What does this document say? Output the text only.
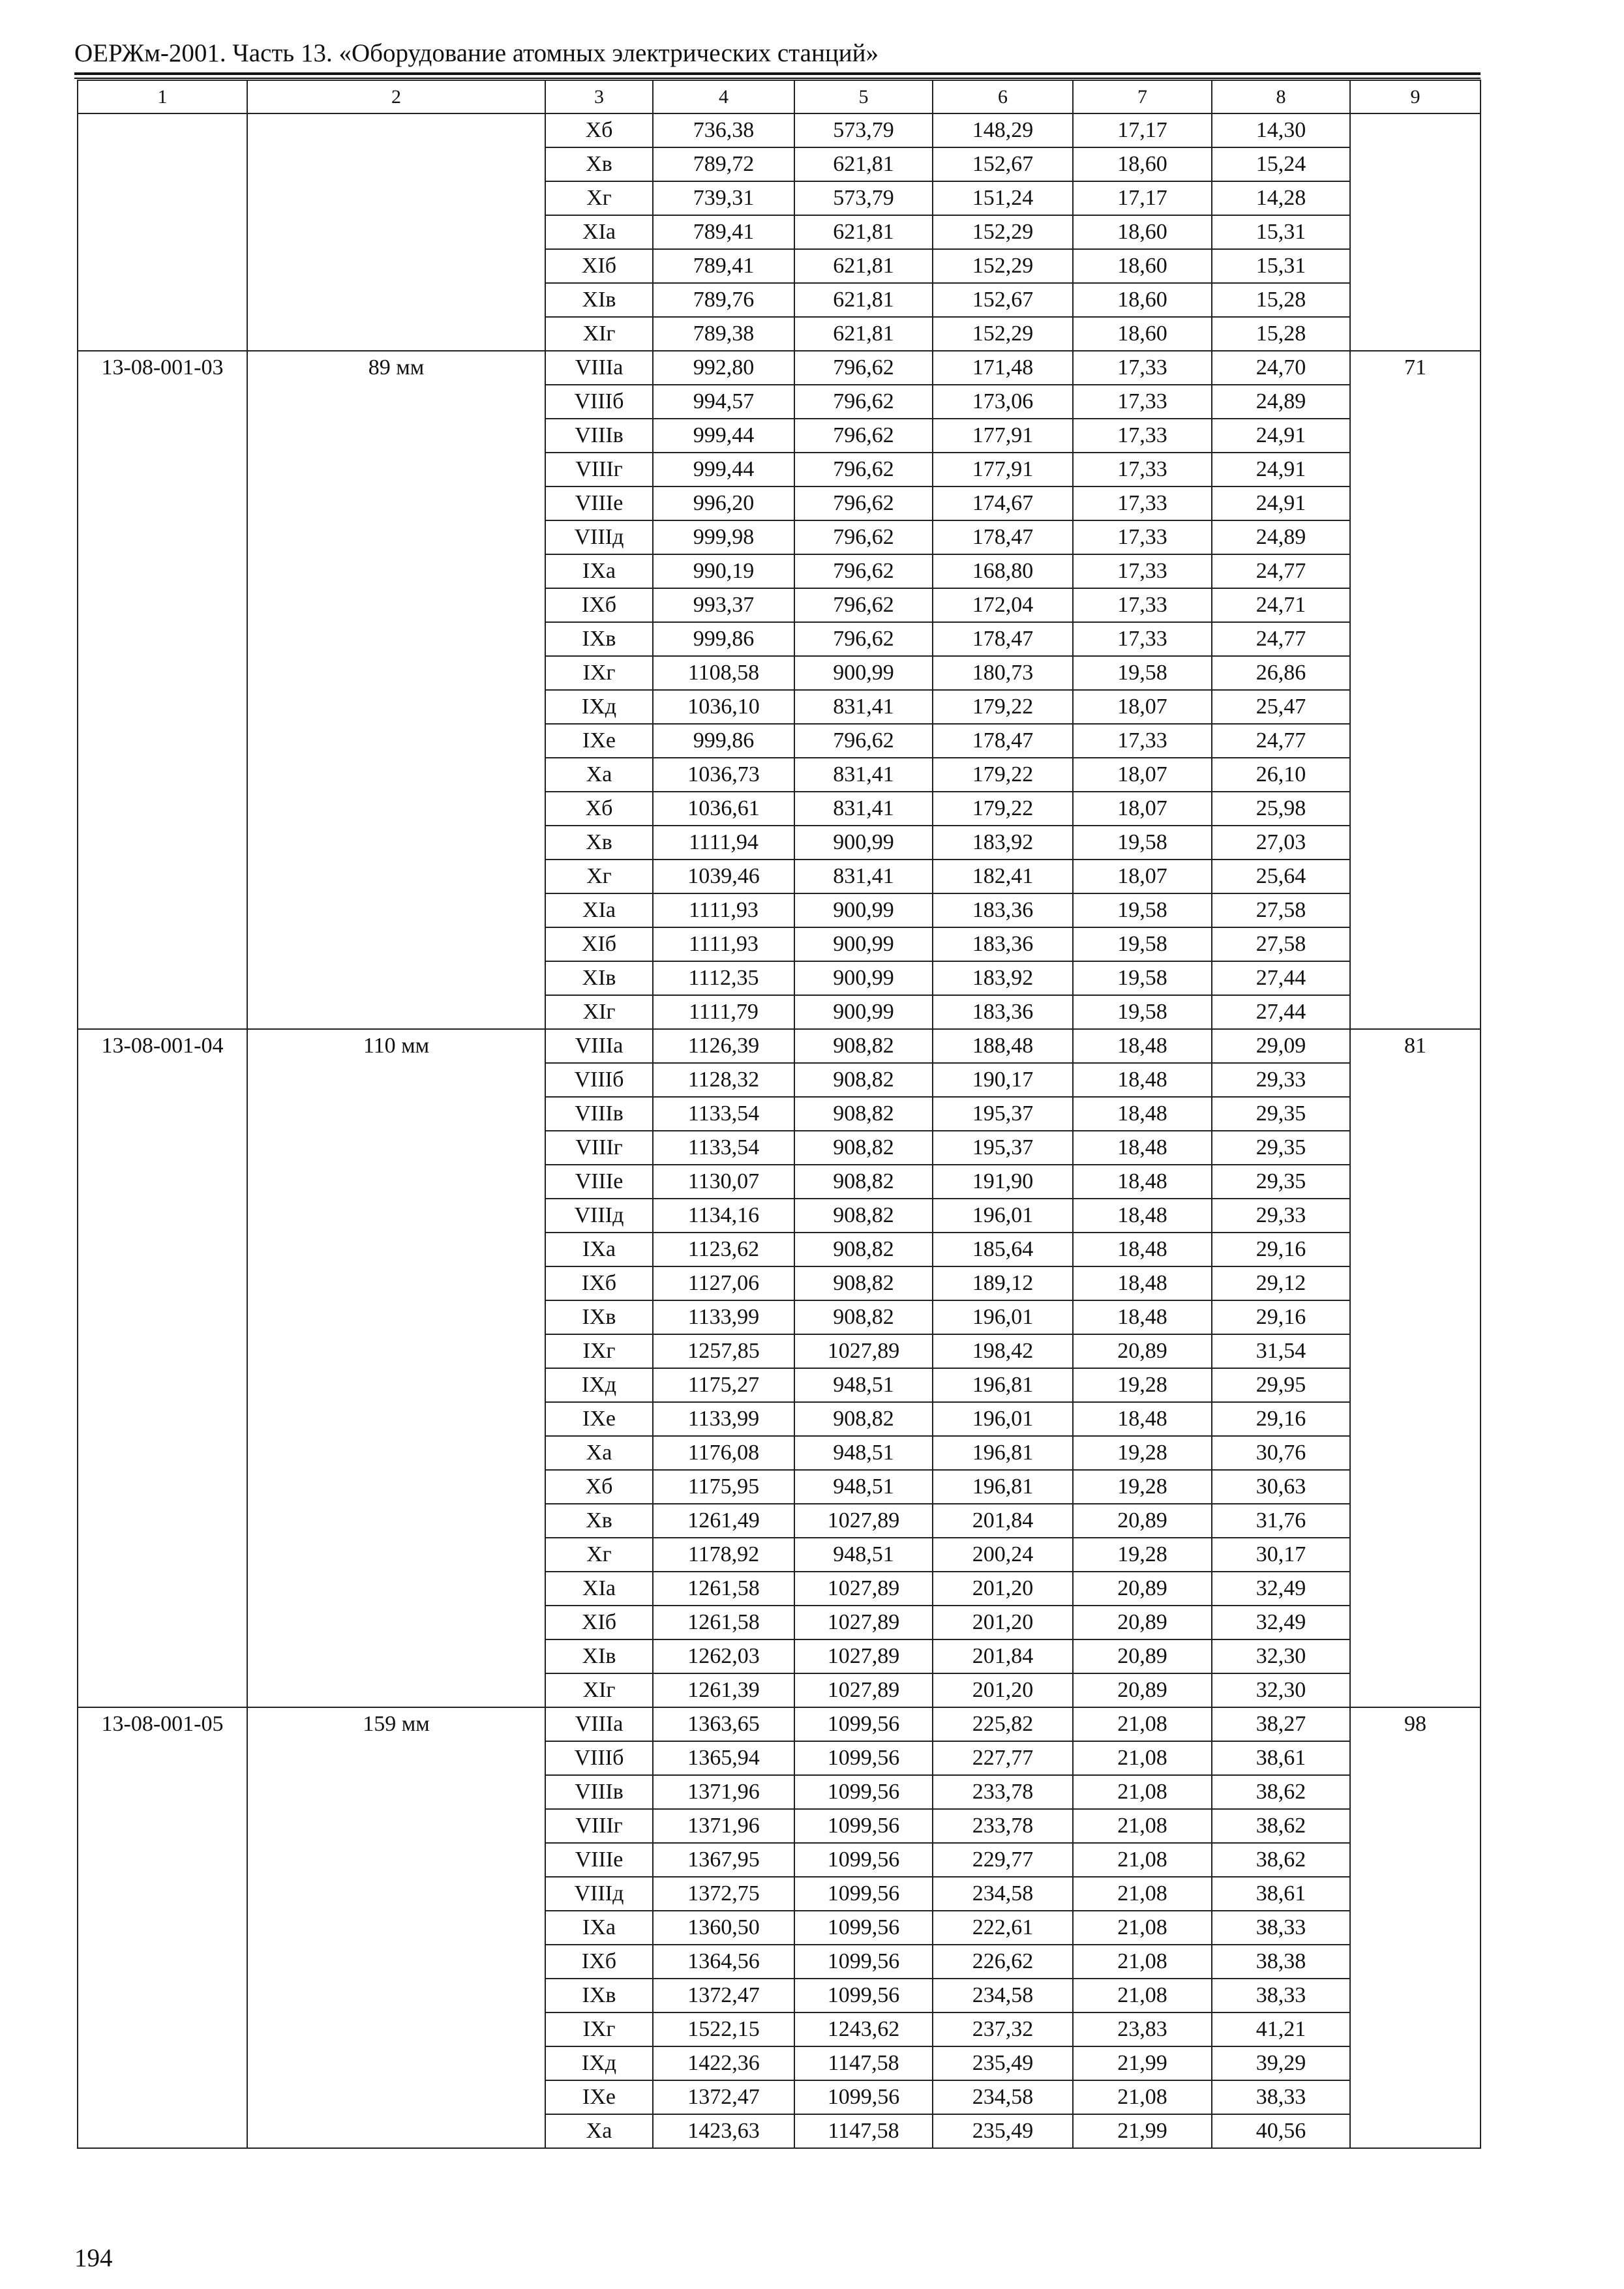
ОЕРЖм-2001. Часть 13. «Оборудование атомных электрических станций»
1	2	3	4	5	6	7	8	9
		Xб	736,38	573,79	148,29	17,17	14,30	
		Xв	789,72	621,81	152,67	18,60	15,24	
		Xг	739,31	573,79	151,24	17,17	14,28	
		XIа	789,41	621,81	152,29	18,60	15,31	
		XIб	789,41	621,81	152,29	18,60	15,31	
		XIв	789,76	621,81	152,67	18,60	15,28	
		XIг	789,38	621,81	152,29	18,60	15,28	
13-08-001-03	89 мм	VIIIа	992,80	796,62	171,48	17,33	24,70	71
		VIIIб	994,57	796,62	173,06	17,33	24,89	
		VIIIв	999,44	796,62	177,91	17,33	24,91	
		VIIIг	999,44	796,62	177,91	17,33	24,91	
		VIIIе	996,20	796,62	174,67	17,33	24,91	
		VIIIд	999,98	796,62	178,47	17,33	24,89	
		IXа	990,19	796,62	168,80	17,33	24,77	
		IXб	993,37	796,62	172,04	17,33	24,71	
		IXв	999,86	796,62	178,47	17,33	24,77	
		IXг	1108,58	900,99	180,73	19,58	26,86	
		IXд	1036,10	831,41	179,22	18,07	25,47	
		IXе	999,86	796,62	178,47	17,33	24,77	
		Xа	1036,73	831,41	179,22	18,07	26,10	
		Xб	1036,61	831,41	179,22	18,07	25,98	
		Xв	1111,94	900,99	183,92	19,58	27,03	
		Xг	1039,46	831,41	182,41	18,07	25,64	
		XIа	1111,93	900,99	183,36	19,58	27,58	
		XIб	1111,93	900,99	183,36	19,58	27,58	
		XIв	1112,35	900,99	183,92	19,58	27,44	
		XIг	1111,79	900,99	183,36	19,58	27,44	
13-08-001-04	110 мм	VIIIа	1126,39	908,82	188,48	18,48	29,09	81
		VIIIб	1128,32	908,82	190,17	18,48	29,33	
		VIIIв	1133,54	908,82	195,37	18,48	29,35	
		VIIIг	1133,54	908,82	195,37	18,48	29,35	
		VIIIе	1130,07	908,82	191,90	18,48	29,35	
		VIIIд	1134,16	908,82	196,01	18,48	29,33	
		IXа	1123,62	908,82	185,64	18,48	29,16	
		IXб	1127,06	908,82	189,12	18,48	29,12	
		IXв	1133,99	908,82	196,01	18,48	29,16	
		IXг	1257,85	1027,89	198,42	20,89	31,54	
		IXд	1175,27	948,51	196,81	19,28	29,95	
		IXе	1133,99	908,82	196,01	18,48	29,16	
		Xа	1176,08	948,51	196,81	19,28	30,76	
		Xб	1175,95	948,51	196,81	19,28	30,63	
		Xв	1261,49	1027,89	201,84	20,89	31,76	
		Xг	1178,92	948,51	200,24	19,28	30,17	
		XIа	1261,58	1027,89	201,20	20,89	32,49	
		XIб	1261,58	1027,89	201,20	20,89	32,49	
		XIв	1262,03	1027,89	201,84	20,89	32,30	
		XIг	1261,39	1027,89	201,20	20,89	32,30	
13-08-001-05	159 мм	VIIIа	1363,65	1099,56	225,82	21,08	38,27	98
		VIIIб	1365,94	1099,56	227,77	21,08	38,61	
		VIIIв	1371,96	1099,56	233,78	21,08	38,62	
		VIIIг	1371,96	1099,56	233,78	21,08	38,62	
		VIIIе	1367,95	1099,56	229,77	21,08	38,62	
		VIIIд	1372,75	1099,56	234,58	21,08	38,61	
		IXа	1360,50	1099,56	222,61	21,08	38,33	
		IXб	1364,56	1099,56	226,62	21,08	38,38	
		IXв	1372,47	1099,56	234,58	21,08	38,33	
		IXг	1522,15	1243,62	237,32	23,83	41,21	
		IXд	1422,36	1147,58	235,49	21,99	39,29	
		IXе	1372,47	1099,56	234,58	21,08	38,33	
		Xа	1423,63	1147,58	235,49	21,99	40,56	
194
